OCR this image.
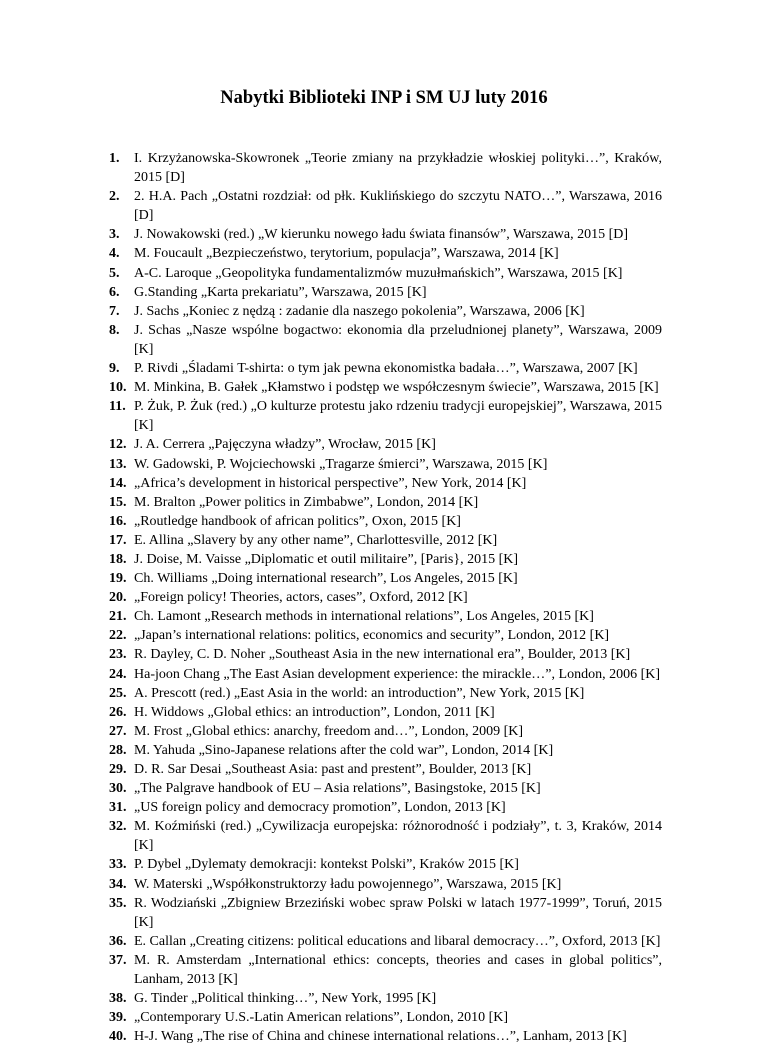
Nabytki Biblioteki INP i SM UJ luty 2016
1.	I. Krzyżanowska-Skowronek „Teorie zmiany na przykładzie włoskiej polityki…”, Kraków, 2015 [D]
2.	2. H.A. Pach „Ostatni rozdział: od płk. Kuklińskiego do szczytu NATO…”, Warszawa, 2016 [D]
3.	J. Nowakowski (red.) „W kierunku nowego ładu świata finansów”, Warszawa, 2015 [D]
4.	M. Foucault „Bezpieczeństwo, terytorium, populacja”, Warszawa, 2014 [K]
5.	A-C. Laroque „Geopolityka fundamentalizmów muzułmańskich”, Warszawa, 2015 [K]
6.	G.Standing „Karta prekariatu”, Warszawa, 2015 [K]
7.	J. Sachs „Koniec z nędzą : zadanie dla naszego pokolenia”, Warszawa, 2006 [K]
8.	J. Schas „Nasze wspólne bogactwo: ekonomia dla przeludnionej planety”, Warszawa, 2009 [K]
9.	P. Rivdi „Śladami T-shirta: o tym jak pewna ekonomistka badała…”, Warszawa, 2007 [K]
10. M. Minkina, B. Gałek „Kłamstwo i podstęp we współczesnym świecie”, Warszawa, 2015 [K]
11. P. Żuk, P. Żuk (red.) „O kulturze protestu jako rdzeniu tradycji europejskiej”, Warszawa, 2015 [K]
12. J. A. Cerrera „Pajęczyna władzy”, Wrocław, 2015 [K]
13. W. Gadowski, P. Wojciechowski „Tragarze śmierci”, Warszawa, 2015 [K]
14. „Africa’s development in historical perspective”, New York, 2014 [K]
15. M. Bralton „Power politics in Zimbabwe”, London, 2014 [K]
16. „Routledge handbook of african politics”, Oxon, 2015 [K]
17. E. Allina „Slavery by any other name”, Charlottesville, 2012 [K]
18. J. Doise, M. Vaisse „Diplomatic et outil militaire”, [Paris}, 2015 [K]
19. Ch. Williams „Doing international research”, Los Angeles, 2015 [K]
20. „Foreign policy! Theories, actors, cases”, Oxford, 2012 [K]
21. Ch. Lamont „Research methods in international relations”, Los Angeles, 2015 [K]
22. „Japan’s international relations: politics, economics and security”, London, 2012 [K]
23. R. Dayley, C. D. Noher „Southeast Asia in the new international era”, Boulder, 2013 [K]
24. Ha-joon Chang „The East Asian development experience: the mirackle…”, London, 2006 [K]
25. A. Prescott (red.) „East Asia in the world: an introduction”, New York, 2015 [K]
26. H. Widdows „Global ethics: an introduction”, London, 2011 [K]
27. M. Frost „Global ethics: anarchy, freedom and…”, London, 2009 [K]
28. M. Yahuda „Sino-Japanese relations after the cold war”, London, 2014 [K]
29. D. R. Sar Desai „Southeast Asia: past and prestent”, Boulder, 2013 [K]
30. „The Palgrave handbook of EU – Asia relations”, Basingstoke, 2015 [K]
31. „US foreign policy and democracy promotion”, London, 2013 [K]
32. M. Koźmiński (red.) „Cywilizacja europejska: różnorodność i podziały”, t. 3, Kraków, 2014 [K]
33. P. Dybel „Dylematy demokracji: kontekst Polski”, Kraków 2015 [K]
34. W. Materski „Współkonstruktorzy ładu powojennego”, Warszawa, 2015 [K]
35. R. Wodziański „Zbigniew Brzeziński wobec spraw Polski w latach 1977-1999”, Toruń, 2015 [K]
36. E. Callan „Creating citizens: political educations and libaral democracy…”, Oxford, 2013 [K]
37. M. R. Amsterdam „International ethics: concepts, theories and cases in global politics”, Lanham, 2013 [K]
38. G. Tinder „Political thinking…”, New York, 1995 [K]
39. „Contemporary U.S.-Latin American relations”, London, 2010 [K]
40. H-J. Wang „The rise of China and chinese international relations…”, Lanham, 2013 [K]
